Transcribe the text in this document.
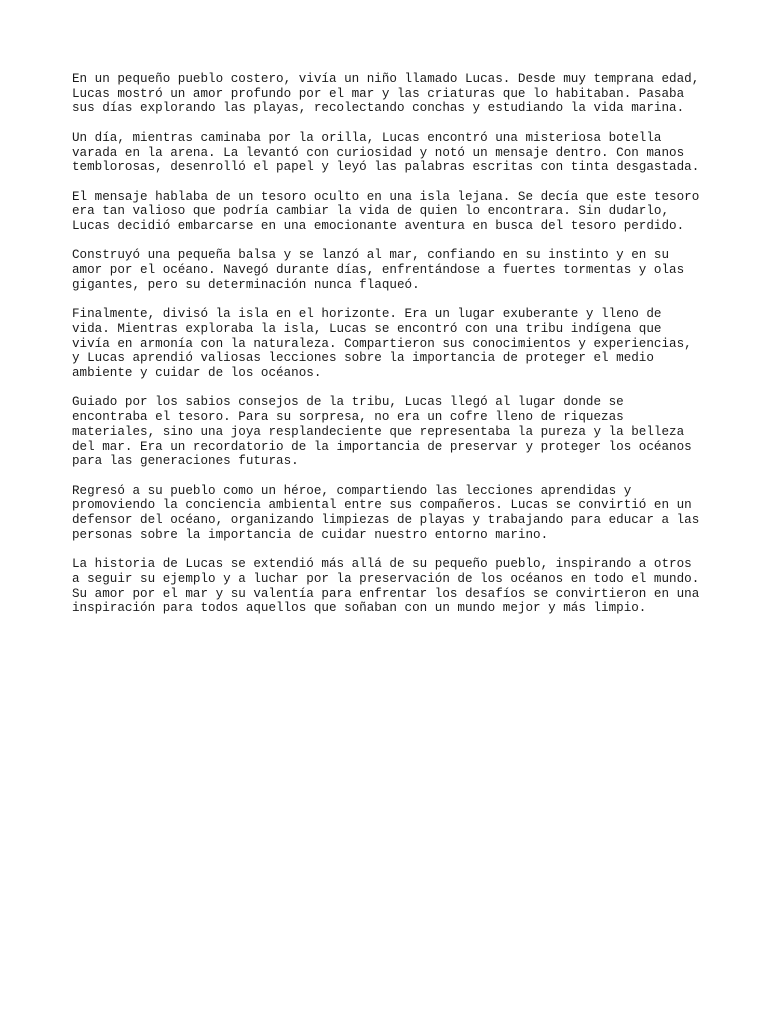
En un pequeño pueblo costero, vivía un niño llamado Lucas. Desde muy temprana edad,
Lucas mostró un amor profundo por el mar y las criaturas que lo habitaban. Pasaba
sus días explorando las playas, recolectando conchas y estudiando la vida marina.

Un día, mientras caminaba por la orilla, Lucas encontró una misteriosa botella
varada en la arena. La levantó con curiosidad y notó un mensaje dentro. Con manos
temblorosas, desenrolló el papel y leyó las palabras escritas con tinta desgastada.

El mensaje hablaba de un tesoro oculto en una isla lejana. Se decía que este tesoro
era tan valioso que podría cambiar la vida de quien lo encontrara. Sin dudarlo,
Lucas decidió embarcarse en una emocionante aventura en busca del tesoro perdido.

Construyó una pequeña balsa y se lanzó al mar, confiando en su instinto y en su
amor por el océano. Navegó durante días, enfrentándose a fuertes tormentas y olas
gigantes, pero su determinación nunca flaqueó.

Finalmente, divisó la isla en el horizonte. Era un lugar exuberante y lleno de
vida. Mientras exploraba la isla, Lucas se encontró con una tribu indígena que
vivía en armonía con la naturaleza. Compartieron sus conocimientos y experiencias,
y Lucas aprendió valiosas lecciones sobre la importancia de proteger el medio
ambiente y cuidar de los océanos.

Guiado por los sabios consejos de la tribu, Lucas llegó al lugar donde se
encontraba el tesoro. Para su sorpresa, no era un cofre lleno de riquezas
materiales, sino una joya resplandeciente que representaba la pureza y la belleza
del mar. Era un recordatorio de la importancia de preservar y proteger los océanos
para las generaciones futuras.

Regresó a su pueblo como un héroe, compartiendo las lecciones aprendidas y
promoviendo la conciencia ambiental entre sus compañeros. Lucas se convirtió en un
defensor del océano, organizando limpiezas de playas y trabajando para educar a las
personas sobre la importancia de cuidar nuestro entorno marino.

La historia de Lucas se extendió más allá de su pequeño pueblo, inspirando a otros
a seguir su ejemplo y a luchar por la preservación de los océanos en todo el mundo.
Su amor por el mar y su valentía para enfrentar los desafíos se convirtieron en una
inspiración para todos aquellos que soñaban con un mundo mejor y más limpio.
